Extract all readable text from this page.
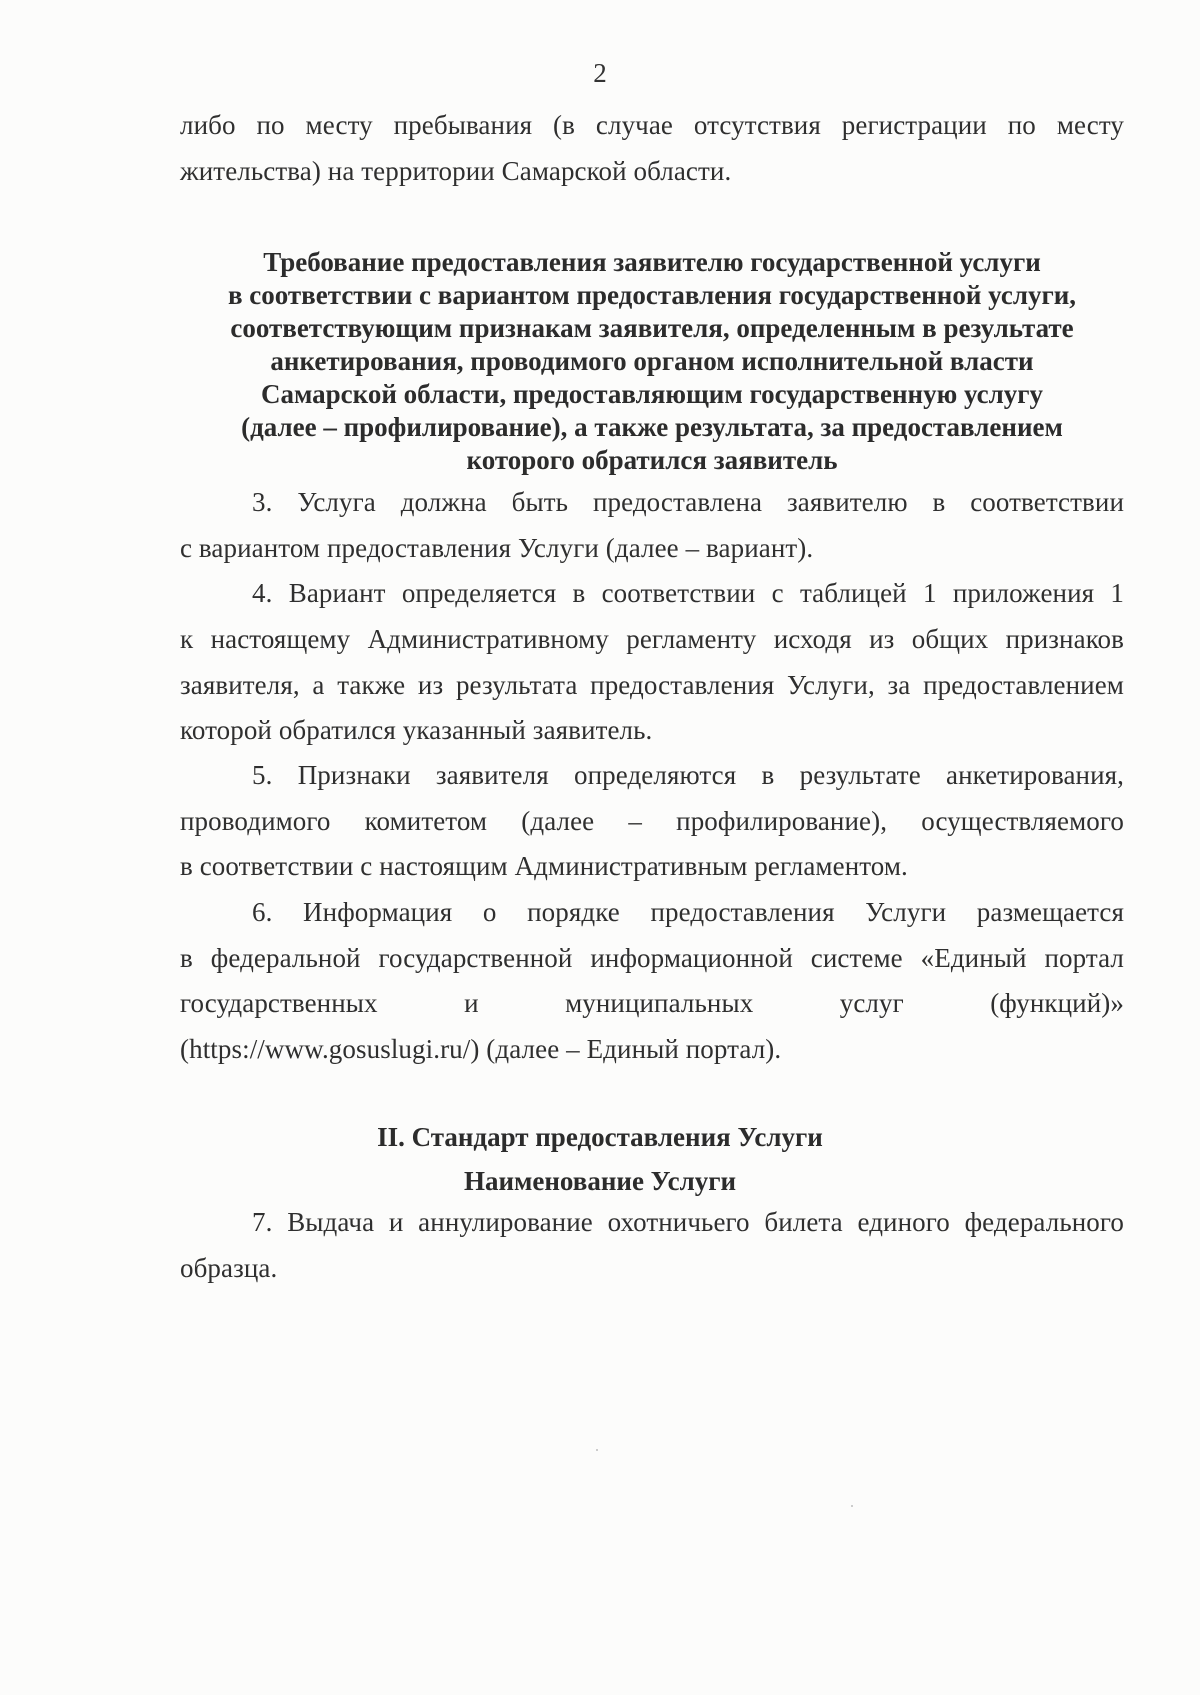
2

либо по месту пребывания (в случае отсутствия регистрации по месту

жительства) на территории Самарской области.

Требование предоставления заявителю государственной услуги
в соответствии с вариантом предоставления государственной услуги,
соответствующим признакам заявителя, определенным в результате
анкетирования, проводимого органом исполнительной власти
Самарской области, предоставляющим государственную услугу
(далее – профилирование), а также результата, за предоставлением
которого обратился заявитель

3. Услуга должна быть предоставлена заявителю в соответствии

с вариантом предоставления Услуги (далее – вариант).

4. Вариант определяется в соответствии с таблицей 1 приложения 1

к настоящему Административному регламенту исходя из общих признаков

заявителя, а также из результата предоставления Услуги, за предоставлением

которой обратился указанный заявитель.

5. Признаки заявителя определяются в результате анкетирования,

проводимого комитетом (далее – профилирование), осуществляемого

в соответствии с настоящим Административным регламентом.

6. Информация о порядке предоставления Услуги размещается

в федеральной государственной информационной системе «Единый портал

государственных	и	муниципальных	услуг	(функций)»

(https://www.gosuslugi.ru/) (далее – Единый портал).

II. Стандарт предоставления Услуги
Наименование Услуги

7. Выдача и аннулирование охотничьего билета единого федерального

образца.
